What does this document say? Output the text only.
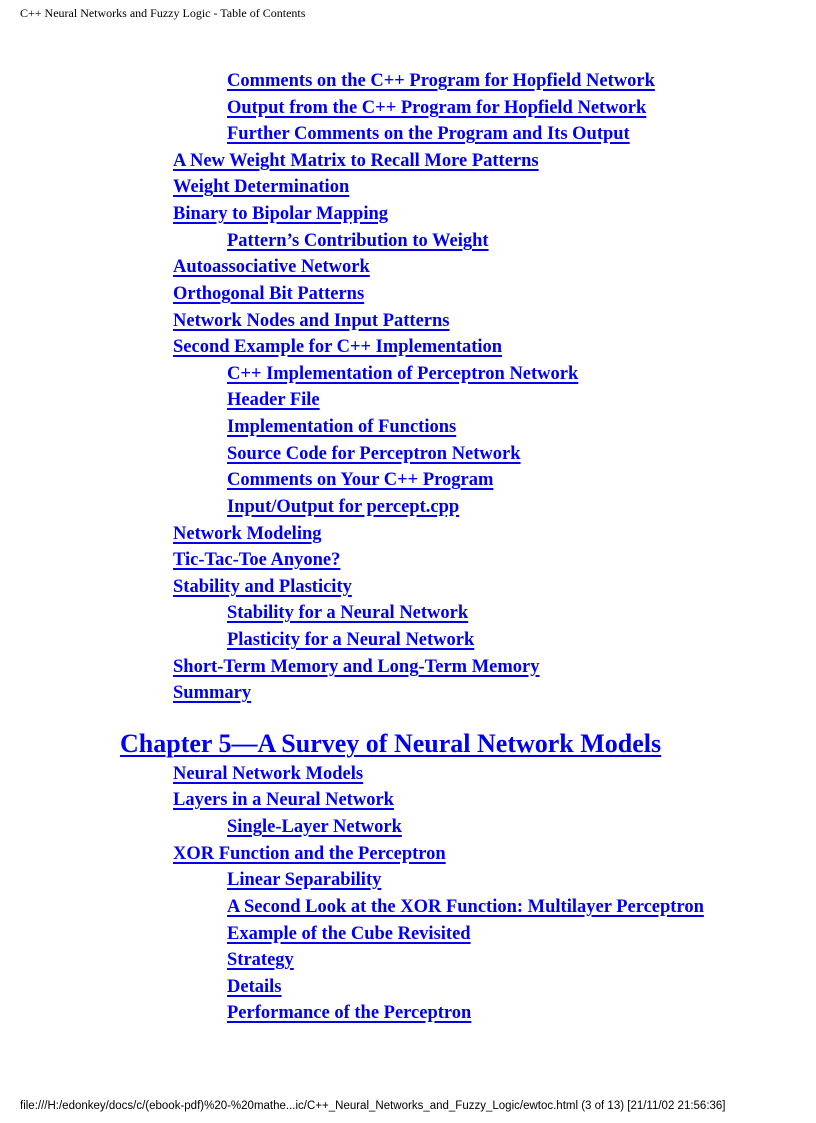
C++ Neural Networks and Fuzzy Logic - Table of Contents
Comments on the C++ Program for Hopfield Network
Output from the C++ Program for Hopfield Network
Further Comments on the Program and Its Output
A New Weight Matrix to Recall More Patterns
Weight Determination
Binary to Bipolar Mapping
Pattern’s Contribution to Weight
Autoassociative Network
Orthogonal Bit Patterns
Network Nodes and Input Patterns
Second Example for C++ Implementation
C++ Implementation of Perceptron Network
Header File
Implementation of Functions
Source Code for Perceptron Network
Comments on Your C++ Program
Input/Output for percept.cpp
Network Modeling
Tic-Tac-Toe Anyone?
Stability and Plasticity
Stability for a Neural Network
Plasticity for a Neural Network
Short-Term Memory and Long-Term Memory
Summary
Chapter 5—A Survey of Neural Network Models
Neural Network Models
Layers in a Neural Network
Single-Layer Network
XOR Function and the Perceptron
Linear Separability
A Second Look at the XOR Function: Multilayer Perceptron
Example of the Cube Revisited
Strategy
Details
Performance of the Perceptron
file:///H:/edonkey/docs/c/(ebook-pdf)%20-%20mathe...ic/C++_Neural_Networks_and_Fuzzy_Logic/ewtoc.html (3 of 13) [21/11/02 21:56:36]
